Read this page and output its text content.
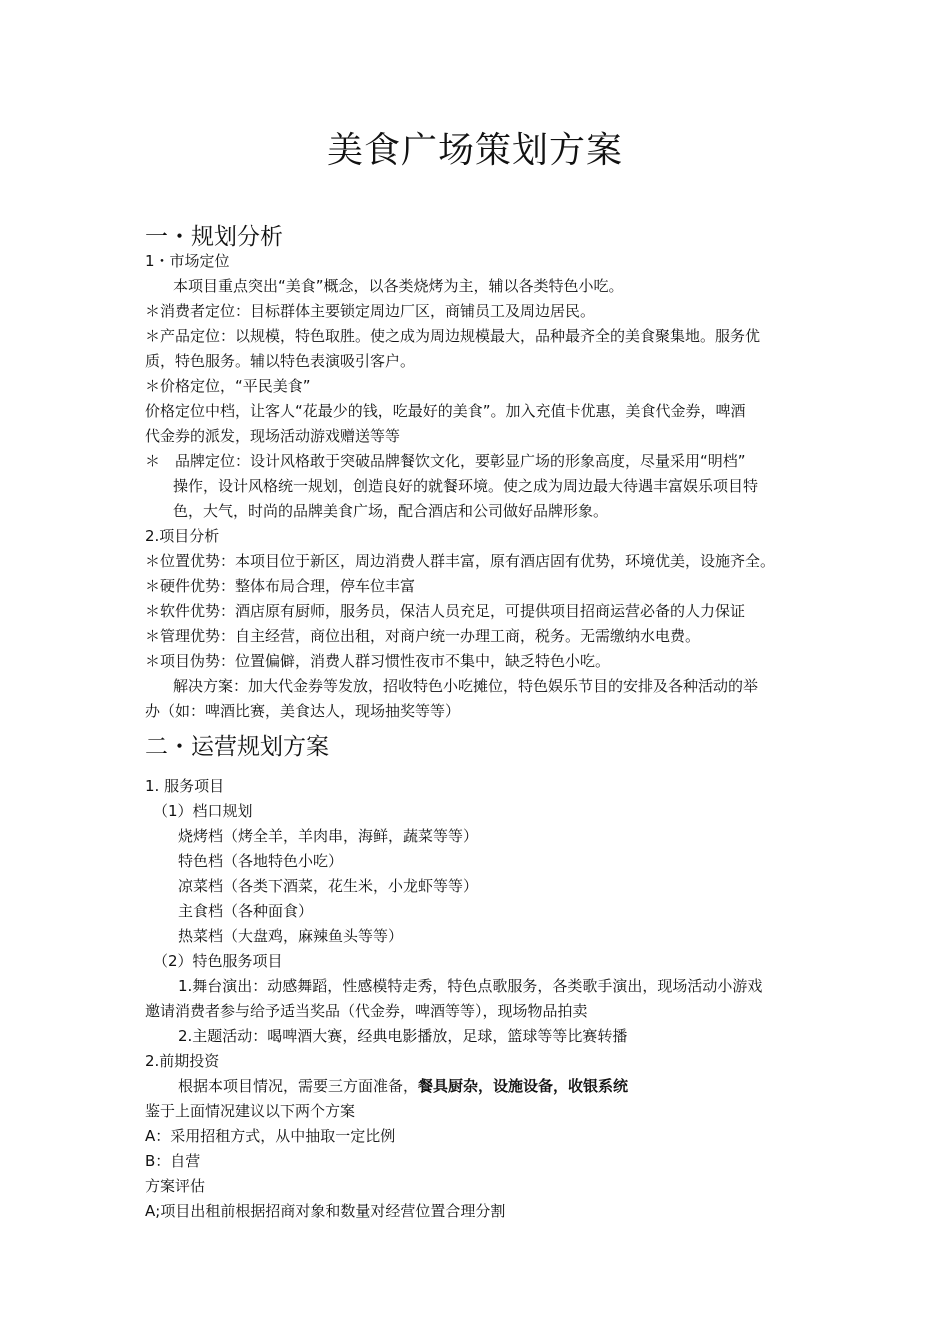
美食广场策划方案
一・规划分析
1・市场定位
本项目重点突出“美食”概念，以各类烧烤为主，辅以各类特色小吃。
＊消费者定位：目标群体主要锁定周边厂区，商铺员工及周边居民。
＊产品定位：以规模，特色取胜。使之成为周边规模最大，品种最齐全的美食聚集地。服务优
质，特色服务。辅以特色表演吸引客户。
＊价格定位，“平民美食”
价格定位中档，让客人“花最少的钱，吃最好的美食”。加入充值卡优惠，美食代金券，啤酒
代金券的派发，现场活动游戏赠送等等
＊　品牌定位：设计风格敢于突破品牌餐饮文化，要彰显广场的形象高度，尽量采用“明档”
操作，设计风格统一规划，创造良好的就餐环境。使之成为周边最大待遇丰富娱乐项目特
色，大气，时尚的品牌美食广场，配合酒店和公司做好品牌形象。
2.项目分析
＊位置优势：本项目位于新区，周边消费人群丰富，原有酒店固有优势，环境优美，设施齐全。
＊硬件优势：整体布局合理，停车位丰富
＊软件优势：酒店原有厨师，服务员，保洁人员充足，可提供项目招商运营必备的人力保证
＊管理优势：自主经营，商位出租，对商户统一办理工商，税务。无需缴纳水电费。
＊项目伪势：位置偏僻，消费人群习惯性夜市不集中，缺乏特色小吃。
解决方案：加大代金券等发放，招收特色小吃摊位，特色娱乐节目的安排及各种活动的举
办（如：啤酒比赛，美食达人，现场抽奖等等）
二・运营规划方案
1. 服务项目
（1）档口规划
烧烤档（烤全羊，羊肉串，海鲜，蔬菜等等）
特色档（各地特色小吃）
凉菜档（各类下酒菜，花生米，小龙虾等等）
主食档（各种面食）
热菜档（大盘鸡，麻辣鱼头等等）
（2）特色服务项目
1.舞台演出：动感舞蹈，性感模特走秀，特色点歌服务，各类歌手演出，现场活动小游戏
邀请消费者参与给予适当奖品（代金券，啤酒等等），现场物品拍卖
2.主题活动：喝啤酒大赛，经典电影播放，足球，篮球等等比赛转播
2.前期投资
根据本项目情况，需要三方面准备，餐具厨杂，设施设备，收银系统
鉴于上面情况建议以下两个方案
A：采用招租方式，从中抽取一定比例
B：自营
方案评估
A;项目出租前根据招商对象和数量对经营位置合理分割
